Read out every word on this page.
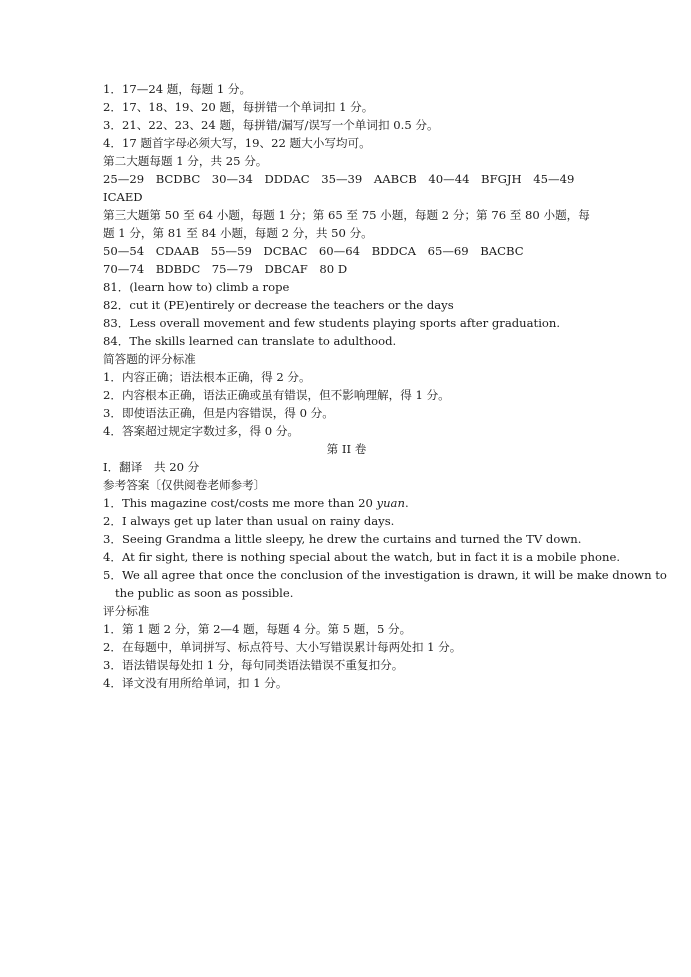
1．17—24 题，每题 1 分。
2．17、18、19、20 题，每拼错一个单词扣 1 分。
3．21、22、23、24 题，每拼错/漏写/误写一个单词扣 0.5 分。
4．17 题首字母必须大写，19、22 题大小写均可。
第二大题每题 1 分，共 25 分。
25—29　BCDBC　30—34　DDDAC　35—39　AABCB　40—44　BFGJH　45—49
ICAED
第三大题第 50 至 64 小题，每题 1 分；第 65 至 75 小题，每题 2 分；第 76 至 80 小题，每
题 1 分，第 81 至 84 小题，每题 2 分，共 50 分。
50—54　CDAAB　55—59　DCBAC　60—64　BDDCA　65—69　BACBC
70—74　BDBDC　75—79　DBCAF　80 D
81．(learn how to) climb a rope
82．cut it (PE)entirely or decrease the teachers or the days
83．Less overall movement and few students playing sports after graduation.
84．The skills learned can translate to adulthood.
简答题的评分标准
1．内容正确；语法根本正确，得 2 分。
2．内容根本正确，语法正确或虽有错误，但不影响理解，得 1 分。
3．即使语法正确，但是内容错误，得 0 分。
4．答案超过规定字数过多，得 0 分。
第 II 卷
I．翻译　共 20 分
参考答案〔仅供阅卷老师参考〕
1．This magazine cost/costs me more than 20 yuan.
2．I always get up later than usual on rainy days.
3．Seeing Grandma a little sleepy, he drew the curtains and turned the TV down.
4．At fir sight, there is nothing special about the watch, but in fact it is a mobile phone.
5．We all agree that once the conclusion of the investigation is drawn, it will be make dnown to
the public as soon as possible.
评分标准
1．第 1 题 2 分，第 2—4 题，每题 4 分。第 5 题，5 分。
2．在每题中，单词拼写、标点符号、大小写错误累计每两处扣 1 分。
3．语法错误每处扣 1 分，每句同类语法错误不重复扣分。
4．译文没有用所给单词，扣 1 分。
